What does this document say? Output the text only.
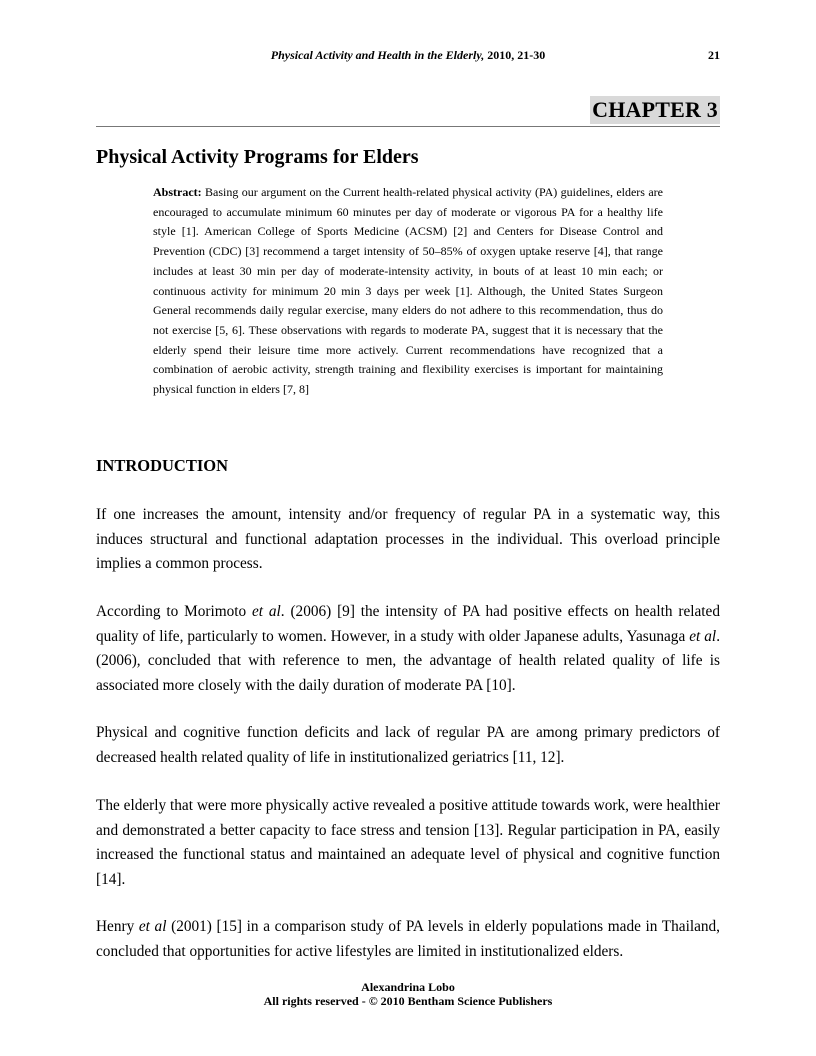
Physical Activity and Health in the Elderly, 2010, 21-30	21
CHAPTER 3
Physical Activity Programs for Elders

Abstract: Basing our argument on the Current health-related physical activity (PA) guidelines, elders are encouraged to accumulate minimum 60 minutes per day of moderate or vigorous PA for a healthy life style [1]. American College of Sports Medicine (ACSM) [2] and Centers for Disease Control and Prevention (CDC) [3] recommend a target intensity of 50–85% of oxygen uptake reserve [4], that range includes at least 30 min per day of moderate-intensity activity, in bouts of at least 10 min each; or continuous activity for minimum 20 min 3 days per week [1]. Although, the United States Surgeon General recommends daily regular exercise, many elders do not adhere to this recommendation, thus do not exercise [5, 6]. These observations with regards to moderate PA, suggest that it is necessary that the elderly spend their leisure time more actively. Current recommendations have recognized that a combination of aerobic activity, strength training and flexibility exercises is important for maintaining physical function in elders [7, 8]

INTRODUCTION

If one increases the amount, intensity and/or frequency of regular PA in a systematic way, this induces structural and functional adaptation processes in the individual. This overload principle implies a common process.

According to Morimoto et al. (2006) [9] the intensity of PA had positive effects on health related quality of life, particularly to women. However, in a study with older Japanese adults, Yasunaga et al. (2006), concluded that with reference to men, the advantage of health related quality of life is associated more closely with the daily duration of moderate PA [10].

Physical and cognitive function deficits and lack of regular PA are among primary predictors of decreased health related quality of life in institutionalized geriatrics [11, 12].

The elderly that were more physically active revealed a positive attitude towards work, were healthier and demonstrated a better capacity to face stress and tension [13]. Regular participation in PA, easily increased the functional status and maintained an adequate level of physical and cognitive function [14].

Henry et al (2001) [15] in a comparison study of PA levels in elderly populations made in Thailand, concluded that opportunities for active lifestyles are limited in institutionalized elders.

Alexandrina Lobo
All rights reserved - © 2010 Bentham Science Publishers
